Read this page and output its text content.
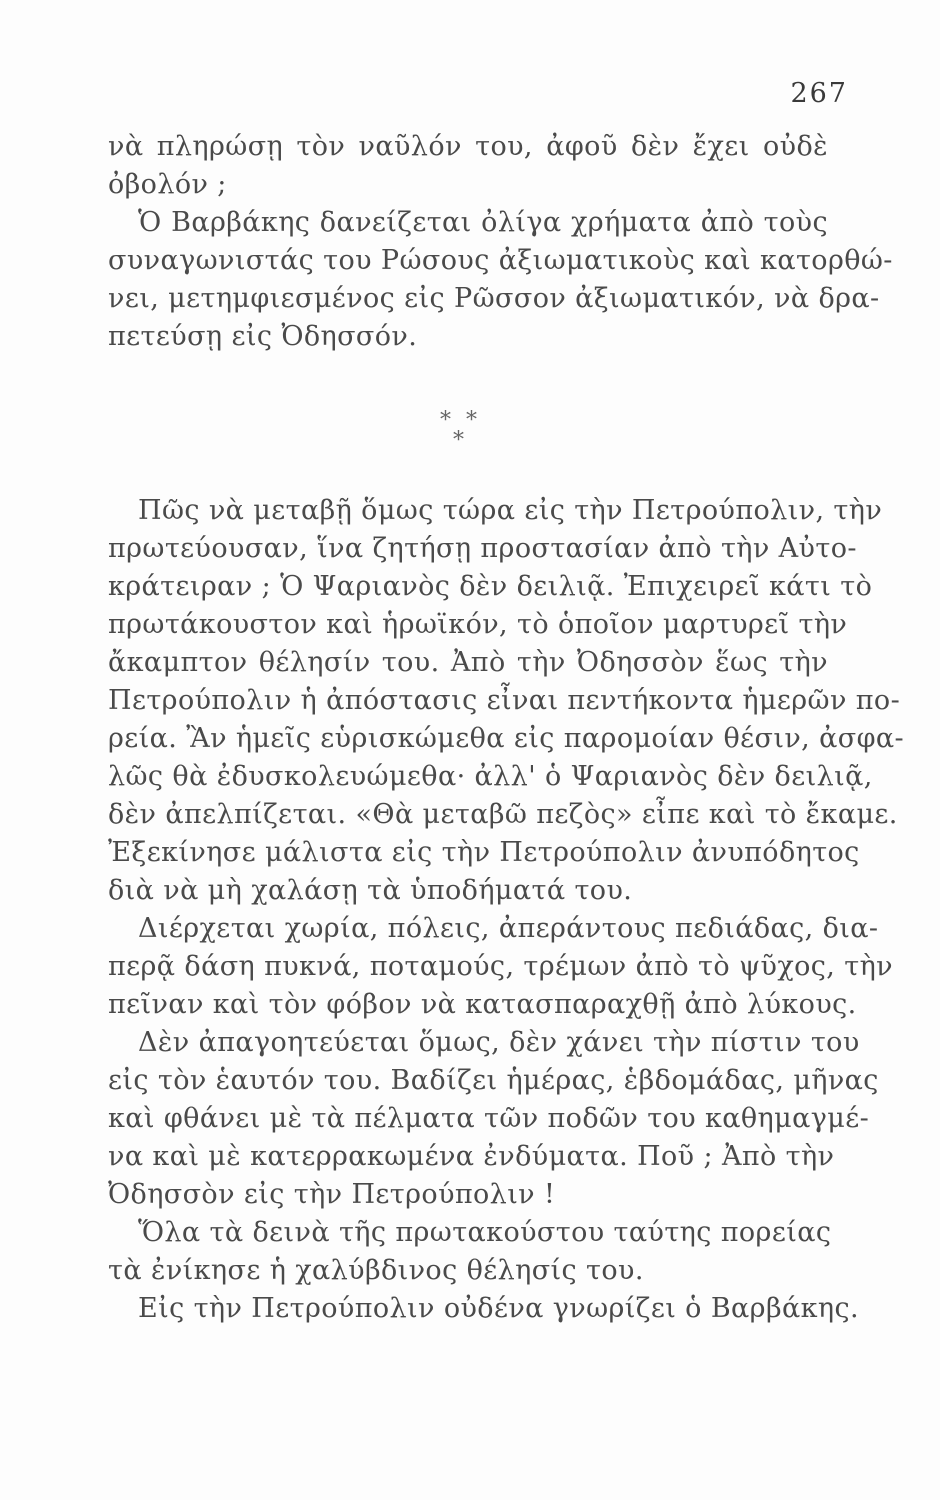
267
νὰ πληρώσῃ τὸν ναῦλόν του, ἀφοῦ δὲν ἔχει οὐδὲ
ὀβολόν ;
Ὁ Βαρβάκης δανείζεται ὀλίγα χρήματα ἀπὸ τοὺς
συναγωνιστάς του Ρώσους ἀξιωματικοὺς καὶ κατορθώ-
νει, μετημφιεσμένος εἰς Ρῶσσον ἀξιωματικόν, νὰ δρα-
πετεύσῃ εἰς Ὀδησσόν.
* *
*
Πῶς νὰ μεταβῇ ὅμως τώρα εἰς τὴν Πετρούπολιν, τὴν
πρωτεύουσαν, ἵνα ζητήσῃ προστασίαν ἀπὸ τὴν Αὐτο-
κράτειραν ; Ὁ Ψαριανὸς δὲν δειλιᾷ. Ἐπιχειρεῖ κάτι τὸ
πρωτάκουστον καὶ ἡρωϊκόν, τὸ ὁποῖον μαρτυρεῖ τὴν
ἄκαμπτον θέλησίν του. Ἀπὸ τὴν Ὀδησσὸν ἕως τὴν
Πετρούπολιν ἡ ἀπόστασις εἶναι πεντήκοντα ἡμερῶν πο-
ρεία. Ἂν ἡμεῖς εὑρισκώμεθα εἰς παρομοίαν θέσιν, ἀσφα-
λῶς θὰ ἐδυσκολευώμεθα· ἀλλ' ὁ Ψαριανὸς δὲν δειλιᾷ,
δὲν ἀπελπίζεται. «Θὰ μεταβῶ πεζὸς» εἶπε καὶ τὸ ἔκαμε.
Ἐξεκίνησε μάλιστα εἰς τὴν Πετρούπολιν ἀνυπόδητος
διὰ νὰ μὴ χαλάσῃ τὰ ὑποδήματά του.
Διέρχεται χωρία, πόλεις, ἀπεράντους πεδιάδας, δια-
περᾷ δάση πυκνά, ποταμούς, τρέμων ἀπὸ τὸ ψῦχος, τὴν
πεῖναν καὶ τὸν φόβον νὰ κατασπαραχθῇ ἀπὸ λύκους.
Δὲν ἀπαγοητεύεται ὅμως, δὲν χάνει τὴν πίστιν του
εἰς τὸν ἑαυτόν του. Βαδίζει ἡμέρας, ἑβδομάδας, μῆνας
καὶ φθάνει μὲ τὰ πέλματα τῶν ποδῶν του καθημαγμέ-
να καὶ μὲ κατερρακωμένα ἐνδύματα. Ποῦ ; Ἀπὸ τὴν
Ὀδησσὸν εἰς τὴν Πετρούπολιν !
Ὅλα τὰ δεινὰ τῆς πρωτακούστου ταύτης πορείας
τὰ ἐνίκησε ἡ χαλύβδινος θέλησίς του.
Εἰς τὴν Πετρούπολιν οὐδένα γνωρίζει ὁ Βαρβάκης.
